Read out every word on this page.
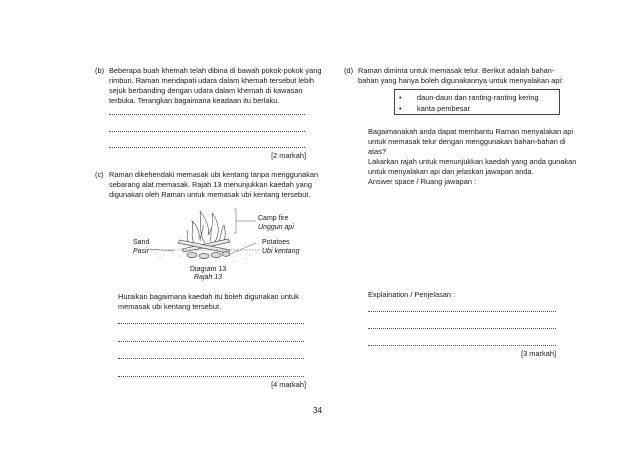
(b) Beberapa buah khemah telah dibina di bawah pokok-pokok yang
rimbun. Raman mendapati udara dalam khemah tersebut lebih
sejuk berbanding dengan udara dalam khemah di kawasan
terbuka. Terangkan bagaimana keadaan itu berlaku.
[2 markah]
(c) Raman dikehendaki memasak ubi kentang tanpa menggunakan
sebarang alat memasak. Rajah 13 menunjukkan kaedah yang
digunakan oleh Raman untuk memasak ubi kentang tersebut.
Camp fire
Unggun api
Sand
Pasir
Potatoes
Ubi kentang
Diagram 13
Rajah 13
Huraikan bagaimana kaedah itu boleh digunakan untuk
memasak ubi kentang tersebut.
[4 markah]
(d) Raman diminta untuk memasak telur. Berikut adalah bahan-
bahan yang hanya boleh digunakannya untuk menyalakan api:
• daun-daun dan ranting-ranting kering
• kanta pembesar
Bagaimanakah anda dapat membantu Raman menyalakan api
untuk memasak telur dengan menggunakan bahan-bahan di
atas?
Lakarkan rajah untuk menunjukkan kaedah yang anda gunakan
untuk menyalakan api dan jelaskan jawapan anda.
Answer space / Ruang jawapan :
Explaination / Penjelasan :
[3 markah]
34
